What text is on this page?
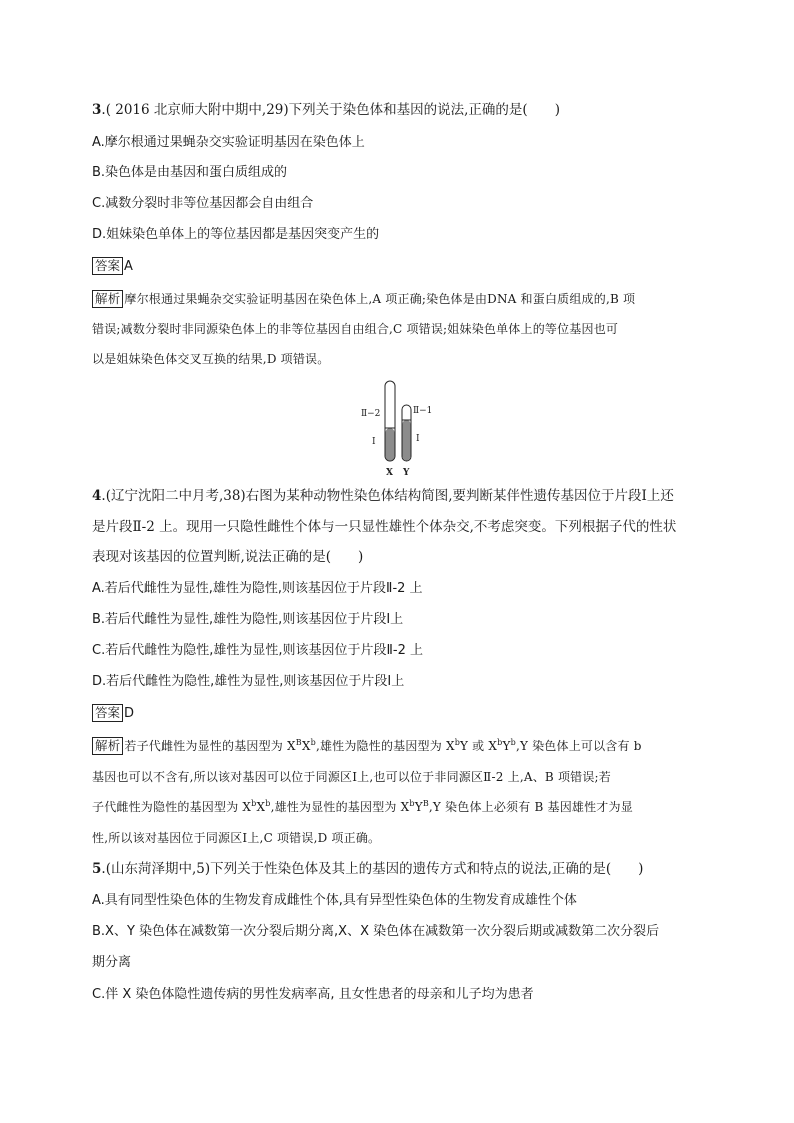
3.( 2016 北京师大附中期中,29)下列关于染色体和基因的说法,正确的是(　　)
A.摩尔根通过果蝇杂交实验证明基因在染色体上
B.染色体是由基因和蛋白质组成的
C.减数分裂时非等位基因都会自由组合
D.姐妹染色单体上的等位基因都是基因突变产生的
答案 A
解析 摩尔根通过果蝇杂交实验证明基因在染色体上,A 项正确;染色体是由DNA 和蛋白质组成的,B 项
错误;减数分裂时非同源染色体上的非等位基因自由组合,C 项错误;姐妹染色单体上的等位基因也可
以是姐妹染色体交叉互换的结果,D 项错误。
Ⅱ−2	Ⅱ−1
Ⅰ	Ⅰ
X Y
4.(辽宁沈阳二中月考,38)右图为某种动物性染色体结构简图,要判断某伴性遗传基因位于片段Ⅰ上还
是片段Ⅱ-2 上。现用一只隐性雌性个体与一只显性雄性个体杂交,不考虑突变。下列根据子代的性状
表现对该基因的位置判断,说法正确的是(　　)
A.若后代雌性为显性,雄性为隐性,则该基因位于片段Ⅱ-2 上
B.若后代雌性为显性,雄性为隐性,则该基因位于片段Ⅰ上
C.若后代雌性为隐性,雄性为显性,则该基因位于片段Ⅱ-2 上
D.若后代雌性为隐性,雄性为显性,则该基因位于片段Ⅰ上
答案 D
解析 若子代雌性为显性的基因型为 $X^BX^b$,雄性为隐性的基因型为 $X^bY$ 或 $X^bY^b,Y$ 染色体上可以含有 b
基因也可以不含有,所以该对基因可以位于同源区Ⅰ上,也可以位于非同源区Ⅱ-2 上,A、B 项错误;若
子代雌性为隐性的基因型为 $X^bX^b$,雄性为显性的基因型为 $X^bY^B,Y$ 染色体上必须有 B 基因雄性才为显
性,所以该对基因位于同源区Ⅰ上,C 项错误,D 项正确。
5.(山东菏泽期中,5)下列关于性染色体及其上的基因的遗传方式和特点的说法,正确的是(　　)
A.具有同型性染色体的生物发育成雌性个体,具有异型性染色体的生物发育成雄性个体
B.X、Y 染色体在减数第一次分裂后期分离,X、X 染色体在减数第一次分裂后期或减数第二次分裂后
期分离
C.伴 X 染色体隐性遗传病的男性发病率高, 且女性患者的母亲和儿子均为患者
